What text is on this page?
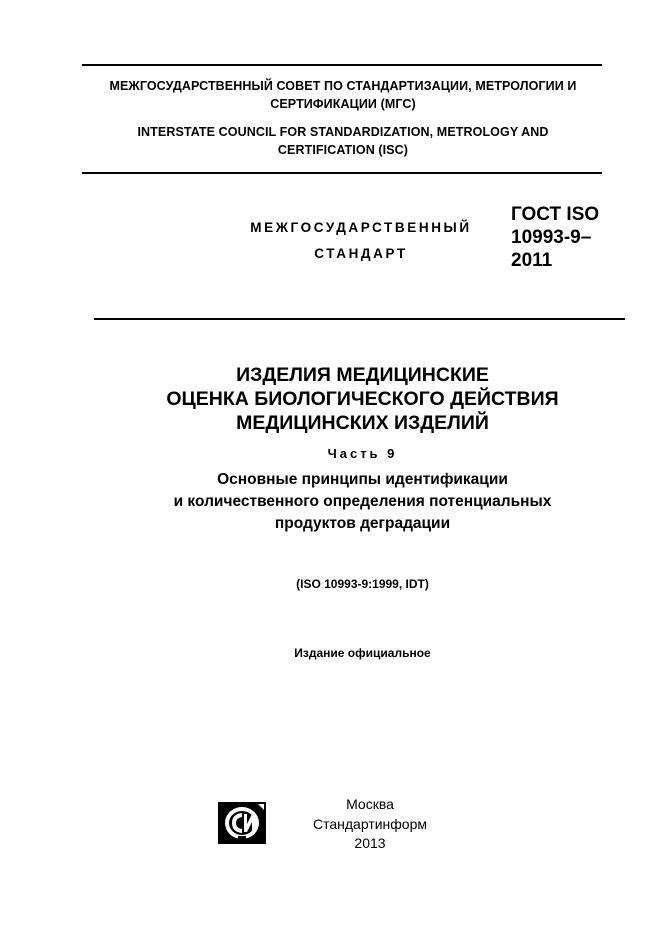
МЕЖГОСУДАРСТВЕННЫЙ СОВЕТ ПО СТАНДАРТИЗАЦИИ, МЕТРОЛОГИИ И
СЕРТИФИКАЦИИ (МГС)
INTERSTATE COUNCIL FOR STANDARDIZATION, METROLOGY AND
CERTIFICATION (ISC)
МЕЖГОСУДАРСТВЕННЫЙ
СТАНДАРТ
ГОСТ ISO
10993-9–
2011
ИЗДЕЛИЯ МЕДИЦИНСКИЕ
ОЦЕНКА БИОЛОГИЧЕСКОГО ДЕЙСТВИЯ
МЕДИЦИНСКИХ ИЗДЕЛИЙ
Часть 9
Основные принципы идентификации
и количественного определения потенциальных
продуктов деградации
(ISO 10993-9:1999, IDT)
Издание официальное
Москва
Стандартинформ
2013
